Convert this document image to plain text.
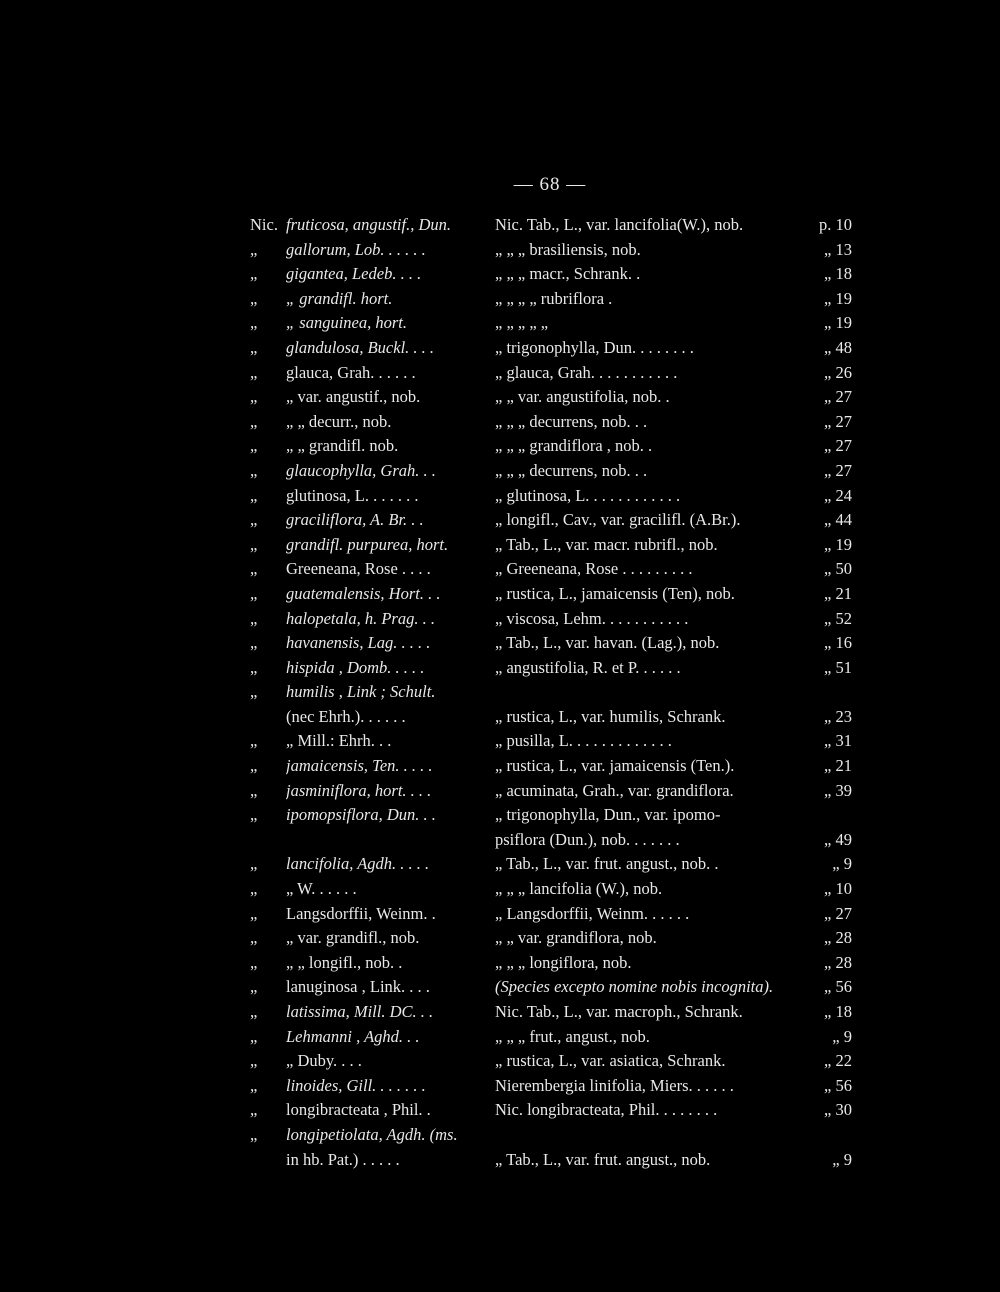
— 68 —
Nic. fruticosa, angustif., Dun.	Nic. Tab., L., var. lancifolia(W.), nob.	p. 10
„	gallorum, Lob. . . . . .	„ „ „ brasiliensis, nob.	„ 13
„	gigantea, Ledeb. . . .	„ „ „ macr., Schrank. .	„ 18
„	„ grandifl. hort.	„ „ „ „ rubriflora .	„ 19
„	„ sanguinea, hort.	„ „ „ „ „	„ 19
„	glandulosa, Buckl. . . .	„ trigonophylla, Dun. . . . . . . .	„ 48
„	glauca, Grah. . . . . .	„ glauca, Grah. . . . . . . . . . .	„ 26
„	„ var. angustif., nob.	„ „ var. angustifolia, nob. .	„ 27
„	„ „ decurr., nob.	„ „ „ decurrens, nob. . .	„ 27
„	„ „ grandifl. nob.	„ „ „ grandiflora , nob. .	„ 27
„	glaucophylla, Grah. . .	„ „ „ decurrens, nob. . .	„ 27
„	glutinosa, L. . . . . . .	„ glutinosa, L. . . . . . . . . . . .	„ 24
„	graciliflora, A. Br. . .	„ longifl., Cav., var. gracilifl. (A.Br.).	„ 44
„	grandifl. purpurea, hort.	„ Tab., L., var. macr. rubrifl., nob.	„ 19
„	Greeneana, Rose . . . .	„ Greeneana, Rose . . . . . . . . .	„ 50
„	guatemalensis, Hort. . .	„ rustica, L., jamaicensis (Ten), nob.	„ 21
„	halopetala, h. Prag. . .	„ viscosa, Lehm. . . . . . . . . . .	„ 52
„	havanensis, Lag. . . . .	„ Tab., L., var. havan. (Lag.), nob.	„ 16
„	hispida , Domb. . . . .	„ angustifolia, R. et P. . . . . .	„ 51
„	humilis , Link ; Schult.
(nec Ehrh.). . . . . .	„ rustica, L., var. humilis, Schrank.	„ 23
„	„ Mill.: Ehrh. . .	„ pusilla, L. . . . . . . . . . . . .	„ 31
„	jamaicensis, Ten. . . . .	„ rustica, L., var. jamaicensis (Ten.).	„ 21
„	jasminiflora, hort. . . .	„ acuminata, Grah., var. grandiflora.	„ 39
„	ipomopsiflora, Dun. . .	„ trigonophylla, Dun., var. ipomo-
psiflora (Dun.), nob. . . . . . .	„ 49
„	lancifolia, Agdh. . . . .	„ Tab., L., var. frut. angust., nob. .	„ 9
„	„ W. . . . . .	„ „ „ lancifolia (W.), nob.	„ 10
„	Langsdorffii, Weinm. .	„ Langsdorffii, Weinm. . . . . .	„ 27
„	„ var. grandifl., nob.	„ „ var. grandiflora, nob.	„ 28
„	„ „ longifl., nob. .	„ „ „ longiflora, nob.	„ 28
„	lanuginosa , Link. . . .	(Species excepto nomine nobis incognita).	„ 56
„	latissima, Mill. DC. . .	Nic. Tab., L., var. macroph., Schrank.	„ 18
„	Lehmanni , Aghd. . .	„ „ „ frut., angust., nob.	„ 9
„	„ Duby. . . .	„ rustica, L., var. asiatica, Schrank.	„ 22
„	linoides, Gill. . . . . . .	Nierembergia linifolia, Miers. . . . . .	„ 56
„	longibracteata , Phil. .	Nic. longibracteata, Phil. . . . . . . .	„ 30
„	longipetiolata, Agdh. (ms.
in hb. Pat.) . . . . .	„ Tab., L., var. frut. angust., nob.	„ 9
